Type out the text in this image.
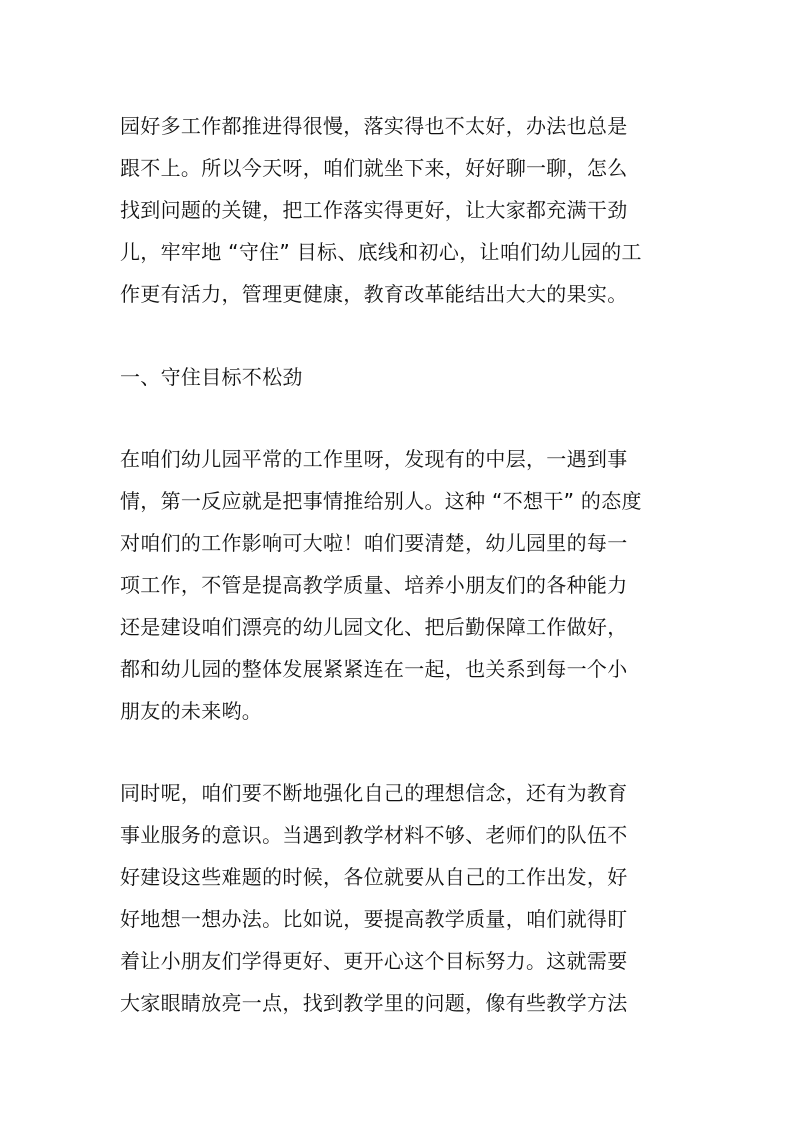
园好多工作都推进得很慢，落实得也不太好，办法也总是
跟不上。所以今天呀，咱们就坐下来，好好聊一聊，怎么
找到问题的关键，把工作落实得更好，让大家都充满干劲
儿，牢牢地 “守住” 目标、底线和初心，让咱们幼儿园的工
作更有活力，管理更健康，教育改革能结出大大的果实。
一、守住目标不松劲
在咱们幼儿园平常的工作里呀，发现有的中层，一遇到事
情，第一反应就是把事情推给别人。这种 “不想干” 的态度
对咱们的工作影响可大啦！咱们要清楚，幼儿园里的每一
项工作，不管是提高教学质量、培养小朋友们的各种能力
还是建设咱们漂亮的幼儿园文化、把后勤保障工作做好，
都和幼儿园的整体发展紧紧连在一起，也关系到每一个小
朋友的未来哟。
同时呢，咱们要不断地强化自己的理想信念，还有为教育
事业服务的意识。当遇到教学材料不够、老师们的队伍不
好建设这些难题的时候，各位就要从自己的工作出发，好
好地想一想办法。比如说，要提高教学质量，咱们就得盯
着让小朋友们学得更好、更开心这个目标努力。这就需要
大家眼睛放亮一点，找到教学里的问题，像有些教学方法
